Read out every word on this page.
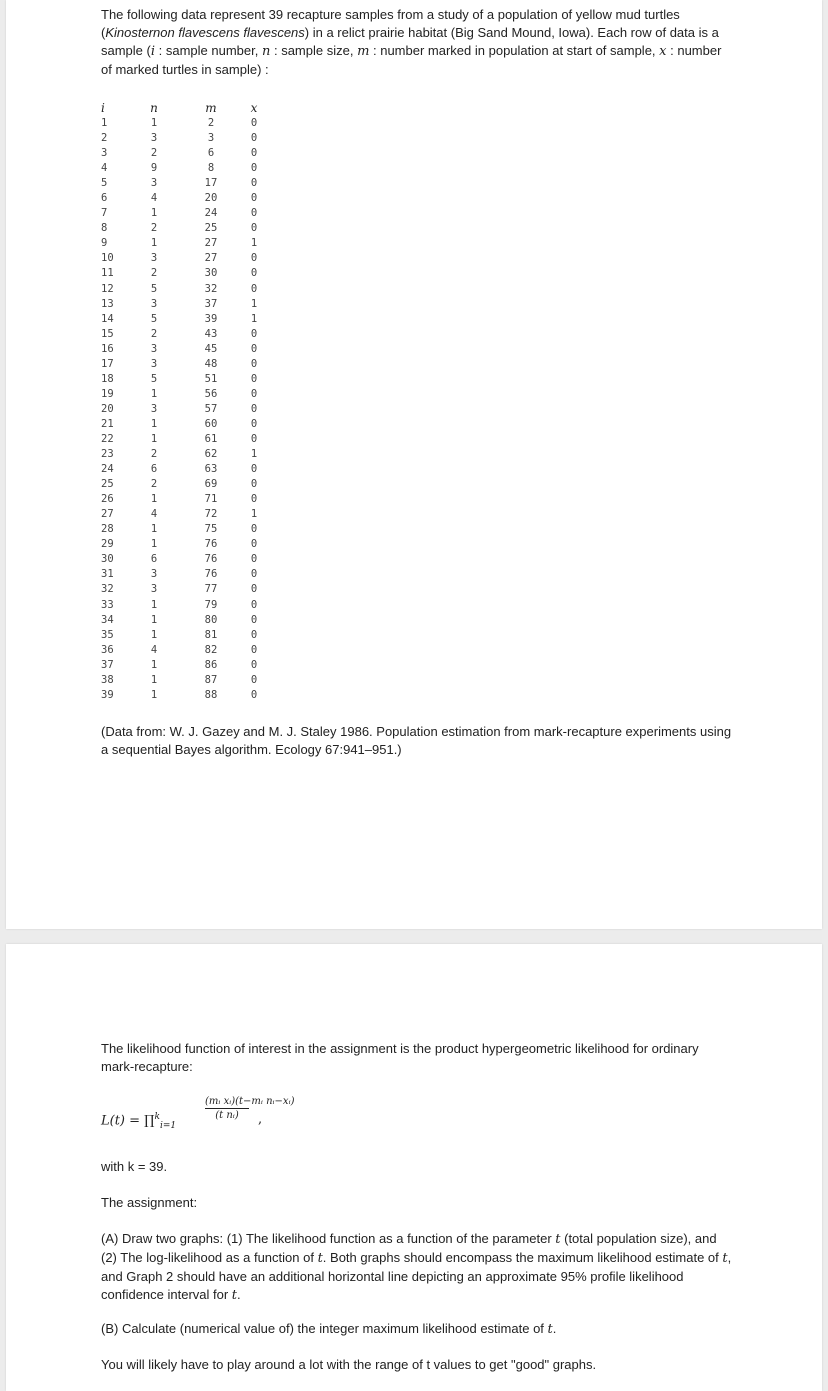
The following data represent 39 recapture samples from a study of a population of yellow mud turtles (Kinosternon flavescens flavescens) in a relict prairie habitat (Big Sand Mound, Iowa). Each row of data is a sample (i : sample number, n : sample size, m : number marked in population at start of sample, x : number of marked turtles in sample) :

i
1
2
3
4
5
6
7
8
9
10
11
12
13
14
15
16
17
18
19
20
21
22
23
24
25
26
27
28
29
30
31
32
33
34
35
36
37
38
39
n
1
3
2
9
3
4
1
2
1
3
2
5
3
5
2
3
3
5
1
3
1
1
2
6
2
1
4
1
1
6
3
3
1
1
1
4
1
1
1
m
2
3
6
8
17
20
24
25
27
27
30
32
37
39
43
45
48
51
56
57
60
61
62
63
69
71
72
75
76
76
76
77
79
80
81
82
86
87
88
x
0
0
0
0
0
0
0
0
1
0
0
0
1
1
0
0
0
0
0
0
0
0
1
0
0
0
1
0
0
0
0
0
0
0
0
0
0
0
0

(Data from: W. J. Gazey and M. J. Staley 1986. Population estimation from mark-recapture experiments using a sequential Bayes algorithm. Ecology 67:941–951.)

The likelihood function of interest in the assignment is the product hypergeometric likelihood for ordinary mark-recapture:

L(t) = ∏$^k_{i=1}$
$\frac{\text{(mᵢ xᵢ)(t−mᵢ nᵢ−xᵢ)}}{\text{(t nᵢ)}}$ ,

with k = 39.

The assignment:

(A) Draw two graphs: (1) The likelihood function as a function of the parameter t (total population size), and (2) The log-likelihood as a function of t. Both graphs should encompass the maximum likelihood estimate of t, and Graph 2 should have an additional horizontal line depicting an approximate 95% profile likelihood confidence interval for t.

(B) Calculate (numerical value of) the integer maximum likelihood estimate of t.

You will likely have to play around a lot with the range of t values to get "good" graphs.
